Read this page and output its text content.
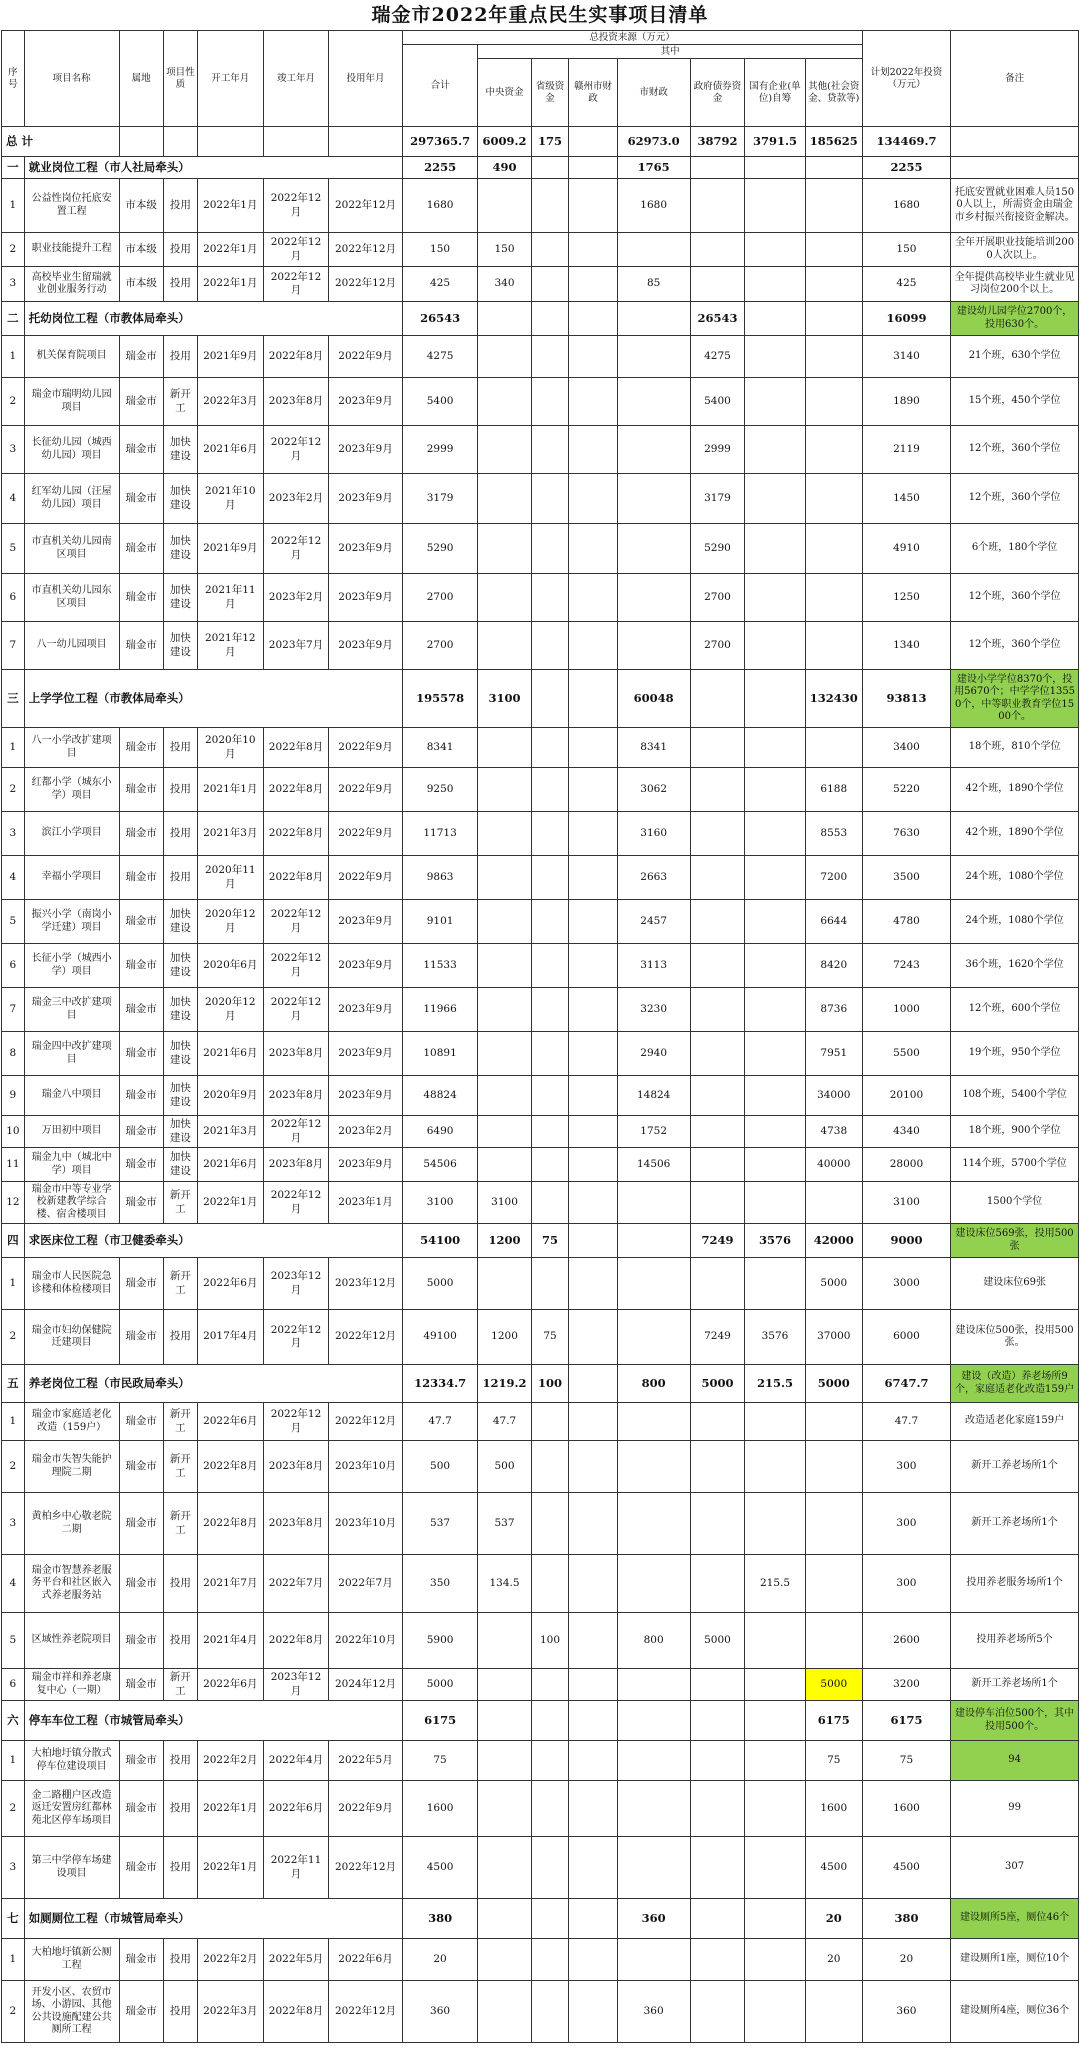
瑞金市2022年重点民生实事项目清单
序号	项目名称	属地	项目性质	开工年月	竣工年月	投用年月	总投资来源（万元）								计划2022年投资（万元）	备注
							合计	其中								
								中央资金	省级资金	赣州市财政	市财政	政府债券资金	国有企业(单位)自筹	其他(社会资金、贷款等)		
总 计							297365.7	6009.2	175		62973.0	38792	3791.5	185625	134469.7	
一	就业岗位工程（市人社局牵头）						2255	490			1765				2255	
1	公益性岗位托底安置工程	市本级	投用	2022年1月	2022年12月	2022年12月	1680				1680				1680	托底安置就业困难人员1500人以上，所需资金由瑞金市乡村振兴衔接资金解决。
2	职业技能提升工程	市本级	投用	2022年1月	2022年12月	2022年12月	150	150							150	全年开展职业技能培训2000人次以上。
3	高校毕业生留瑞就业创业服务行动	市本级	投用	2022年1月	2022年12月	2022年12月	425	340			85				425	全年提供高校毕业生就业见习岗位200个以上。
二	托幼岗位工程（市教体局牵头）						26543					26543			16099	建设幼儿园学位2700个，投用630个。
1	机关保育院项目	瑞金市	投用	2021年9月	2022年8月	2022年9月	4275					4275			3140	21个班，630个学位
2	瑞金市瑞明幼儿园项目	瑞金市	新开工	2022年3月	2023年8月	2023年9月	5400					5400			1890	15个班，450个学位
3	长征幼儿园（城西幼儿园）项目	瑞金市	加快建设	2021年6月	2022年12月	2023年9月	2999					2999			2119	12个班，360个学位
4	红军幼儿园（汪屋幼儿园）项目	瑞金市	加快建设	2021年10月	2023年2月	2023年9月	3179					3179			1450	12个班，360个学位
5	市直机关幼儿园南区项目	瑞金市	加快建设	2021年9月	2022年12月	2023年9月	5290					5290			4910	6个班，180个学位
6	市直机关幼儿园东区项目	瑞金市	加快建设	2021年11月	2023年2月	2023年9月	2700					2700			1250	12个班，360个学位
7	八一幼儿园项目	瑞金市	加快建设	2021年12月	2023年7月	2023年9月	2700					2700			1340	12个班，360个学位
三	上学学位工程（市教体局牵头）						195578	3100			60048			132430	93813	建设小学学位8370个，投用5670个；中学学位13550个，中等职业教育学位1500个。
1	八一小学改扩建项目	瑞金市	投用	2020年10月	2022年8月	2022年9月	8341				8341				3400	18个班，810个学位
2	红都小学（城东小学）项目	瑞金市	投用	2021年1月	2022年8月	2022年9月	9250				3062			6188	5220	42个班，1890个学位
3	滨江小学项目	瑞金市	投用	2021年3月	2022年8月	2022年9月	11713				3160			8553	7630	42个班，1890个学位
4	幸福小学项目	瑞金市	投用	2020年11月	2022年8月	2022年9月	9863				2663			7200	3500	24个班，1080个学位
5	振兴小学（南岗小学迁建）项目	瑞金市	加快建设	2020年12月	2022年12月	2023年9月	9101				2457			6644	4780	24个班，1080个学位
6	长征小学（城西小学）项目	瑞金市	加快建设	2020年6月	2022年12月	2023年9月	11533				3113			8420	7243	36个班，1620个学位
7	瑞金三中改扩建项目	瑞金市	加快建设	2020年12月	2022年12月	2023年9月	11966				3230			8736	1000	12个班，600个学位
8	瑞金四中改扩建项目	瑞金市	加快建设	2021年6月	2023年8月	2023年9月	10891				2940			7951	5500	19个班，950个学位
9	瑞金八中项目	瑞金市	加快建设	2020年9月	2023年8月	2023年9月	48824				14824			34000	20100	108个班，5400个学位
10	万田初中项目	瑞金市	加快建设	2021年3月	2022年12月	2023年2月	6490				1752			4738	4340	18个班，900个学位
11	瑞金九中（城北中学）项目	瑞金市	加快建设	2021年6月	2023年8月	2023年9月	54506				14506			40000	28000	114个班，5700个学位
12	瑞金市中等专业学校新建教学综合楼、宿舍楼项目	瑞金市	新开工	2022年1月	2022年12月	2023年1月	3100	3100							3100	1500个学位
四	求医床位工程（市卫健委牵头）						54100	1200	75			7249	3576	42000	9000	建设床位569张，投用500张
1	瑞金市人民医院急诊楼和体检楼项目	瑞金市	新开工	2022年6月	2023年12月	2023年12月	5000							5000	3000	建设床位69张
2	瑞金市妇幼保健院迁建项目	瑞金市	投用	2017年4月	2022年12月	2022年12月	49100	1200	75			7249	3576	37000	6000	建设床位500张，投用500张。
五	养老岗位工程（市民政局牵头）						12334.7	1219.2	100		800	5000	215.5	5000	6747.7	建设（改造）养老场所9个，家庭适老化改造159户
1	瑞金市家庭适老化改造（159户）	瑞金市	新开工	2022年6月	2022年12月	2022年12月	47.7	47.7							47.7	改造适老化家庭159户
2	瑞金市失智失能护理院二期	瑞金市	新开工	2022年8月	2023年8月	2023年10月	500	500							300	新开工养老场所1个
3	黄柏乡中心敬老院二期	瑞金市	新开工	2022年8月	2023年8月	2023年10月	537	537							300	新开工养老场所1个
4	瑞金市智慧养老服务平台和社区嵌入式养老服务站	瑞金市	投用	2021年7月	2022年7月	2022年7月	350	134.5					215.5		300	投用养老服务场所1个
5	区域性养老院项目	瑞金市	投用	2021年4月	2022年8月	2022年10月	5900		100		800	5000			2600	投用养老场所5个
6	瑞金市祥和养老康复中心（一期）	瑞金市	新开工	2022年6月	2023年12月	2024年12月	5000							5000	3200	新开工养老场所1个
六	停车车位工程（市城管局牵头）						6175							6175	6175	建设停车泊位500个，其中投用500个。
1	大柏地圩镇分散式停车位建设项目	瑞金市	投用	2022年2月	2022年4月	2022年5月	75							75	75	94
2	金二路棚户区改造返迁安置房红都林苑北区停车场项目	瑞金市	投用	2022年1月	2022年6月	2022年9月	1600							1600	1600	99
3	第三中学停车场建设项目	瑞金市	投用	2022年1月	2022年11月	2022年12月	4500							4500	4500	307
七	如厕厕位工程（市城管局牵头）						380				360			20	380	建设厕所5座，厕位46个
1	大柏地圩镇新公厕工程	瑞金市	投用	2022年2月	2022年5月	2022年6月	20							20	20	建设厕所1座，厕位10个
2	开发小区、农贸市场、小游园、其他公共设施配建公共厕所工程	瑞金市	投用	2022年3月	2022年8月	2022年12月	360				360				360	建设厕所4座，厕位36个
